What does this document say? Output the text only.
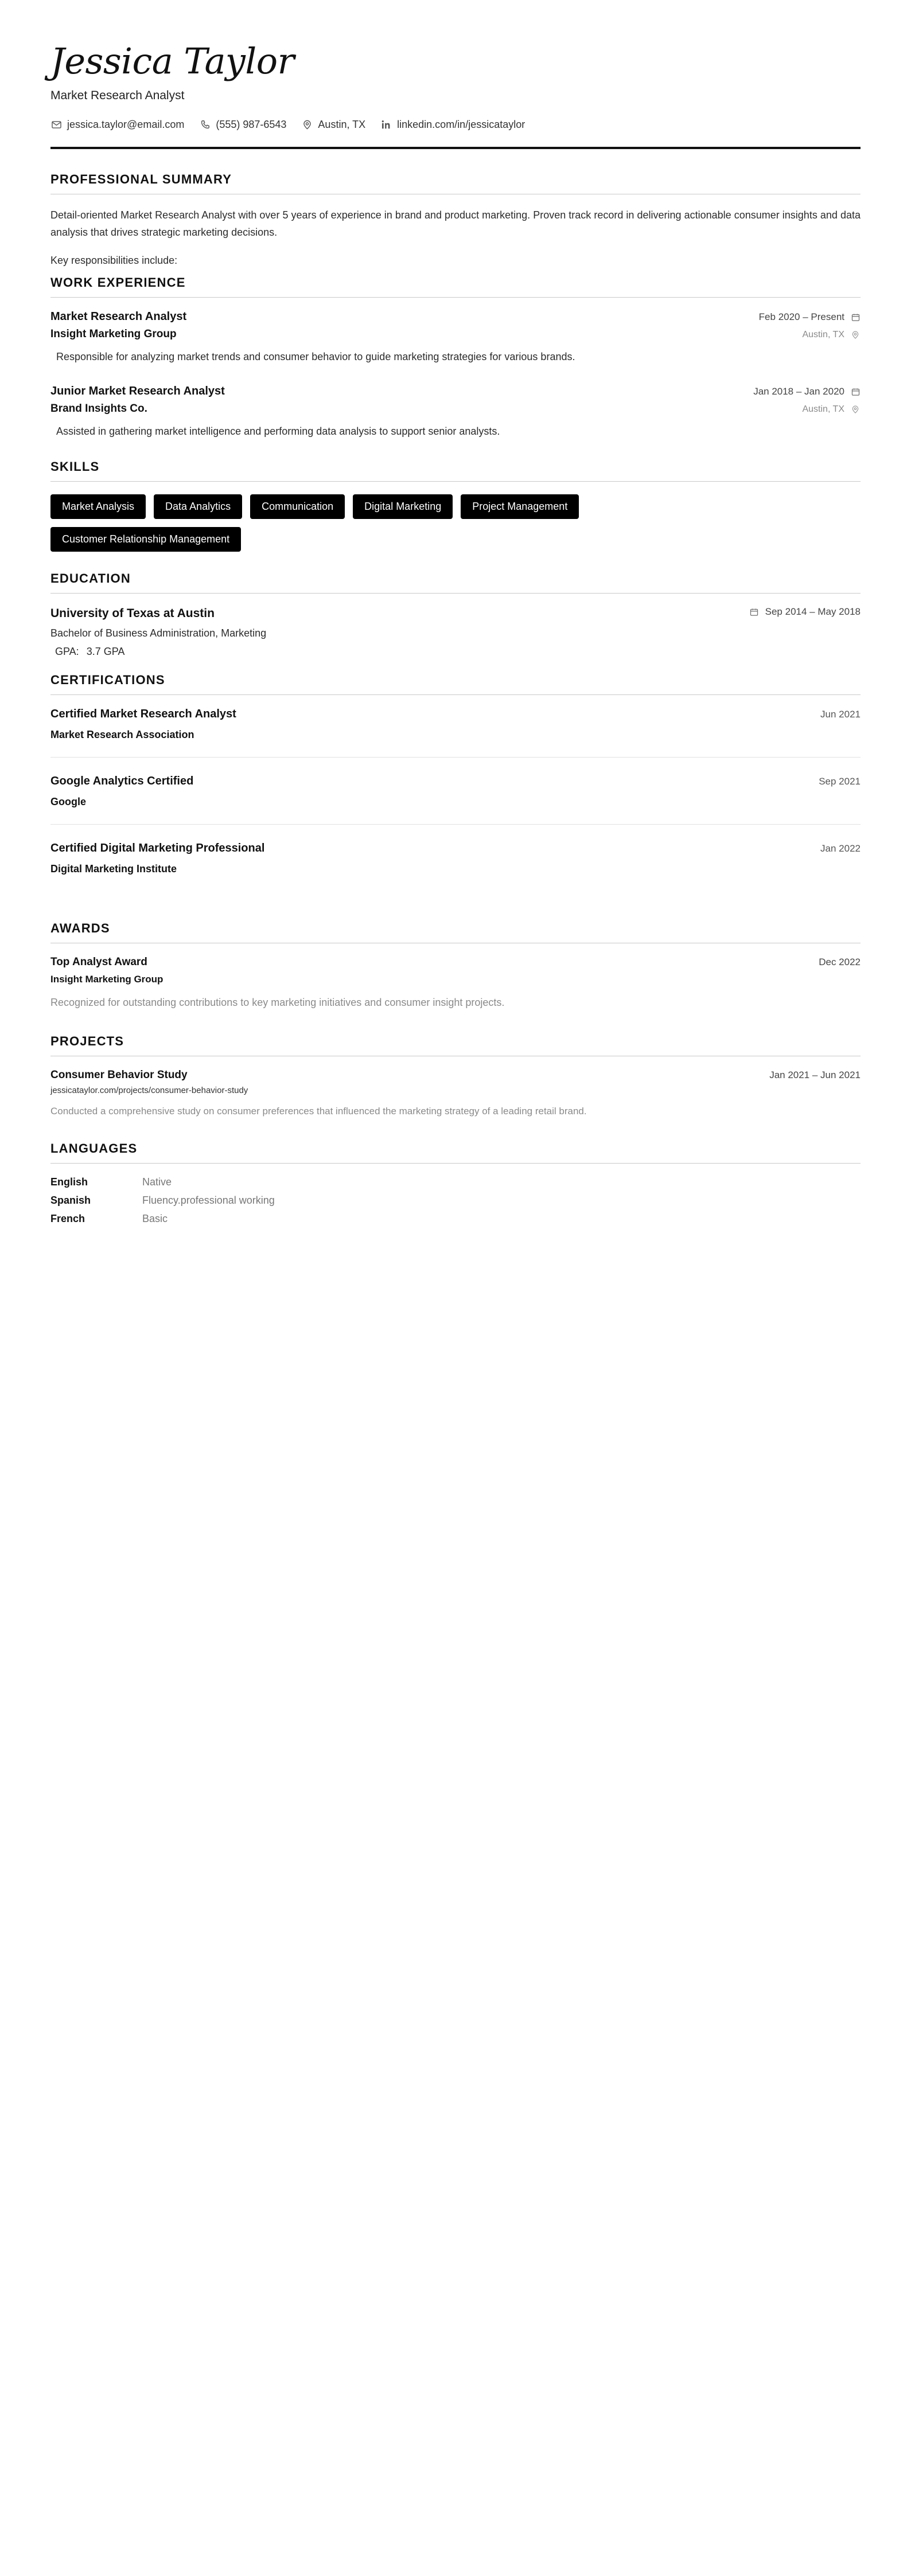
Jessica Taylor
Market Research Analyst
jessica.taylor@email.com	(555) 987-6543	Austin, TX	linkedin.com/in/jessicataylor
PROFESSIONAL SUMMARY

Detail-oriented Market Research Analyst with over 5 years of experience in brand and product marketing. Proven track record in delivering actionable consumer insights and data analysis that drives strategic marketing decisions.

Key responsibilities include:

WORK EXPERIENCE
Market Research Analyst	Feb 2020 – Present
Insight Marketing Group	Austin, TX

Responsible for analyzing market trends and consumer behavior to guide marketing strategies for various brands.

Junior Market Research Analyst	Jan 2018 – Jan 2020
Brand Insights Co.	Austin, TX

Assisted in gathering market intelligence and performing data analysis to support senior analysts.

SKILLS
Market Analysis	Data Analytics	Communication	Digital Marketing	Project Management
Customer Relationship Management
EDUCATION
University of Texas at Austin	Sep 2014 – May 2018
Bachelor of Business Administration, Marketing
GPA: 3.7 GPA
CERTIFICATIONS
Certified Market Research Analyst	Jun 2021
Market Research Association
Google Analytics Certified	Sep 2021
Google
Certified Digital Marketing Professional	Jan 2022
Digital Marketing Institute
AWARDS
Top Analyst Award	Dec 2022
Insight Marketing Group

Recognized for outstanding contributions to key marketing initiatives and consumer insight projects.

PROJECTS
Consumer Behavior Study	Jan 2021 – Jun 2021
jessicataylor.com/projects/consumer-behavior-study

Conducted a comprehensive study on consumer preferences that influenced the marketing strategy of a leading retail brand.

LANGUAGES
English	Native
Spanish	Fluency.professional working
French	Basic
